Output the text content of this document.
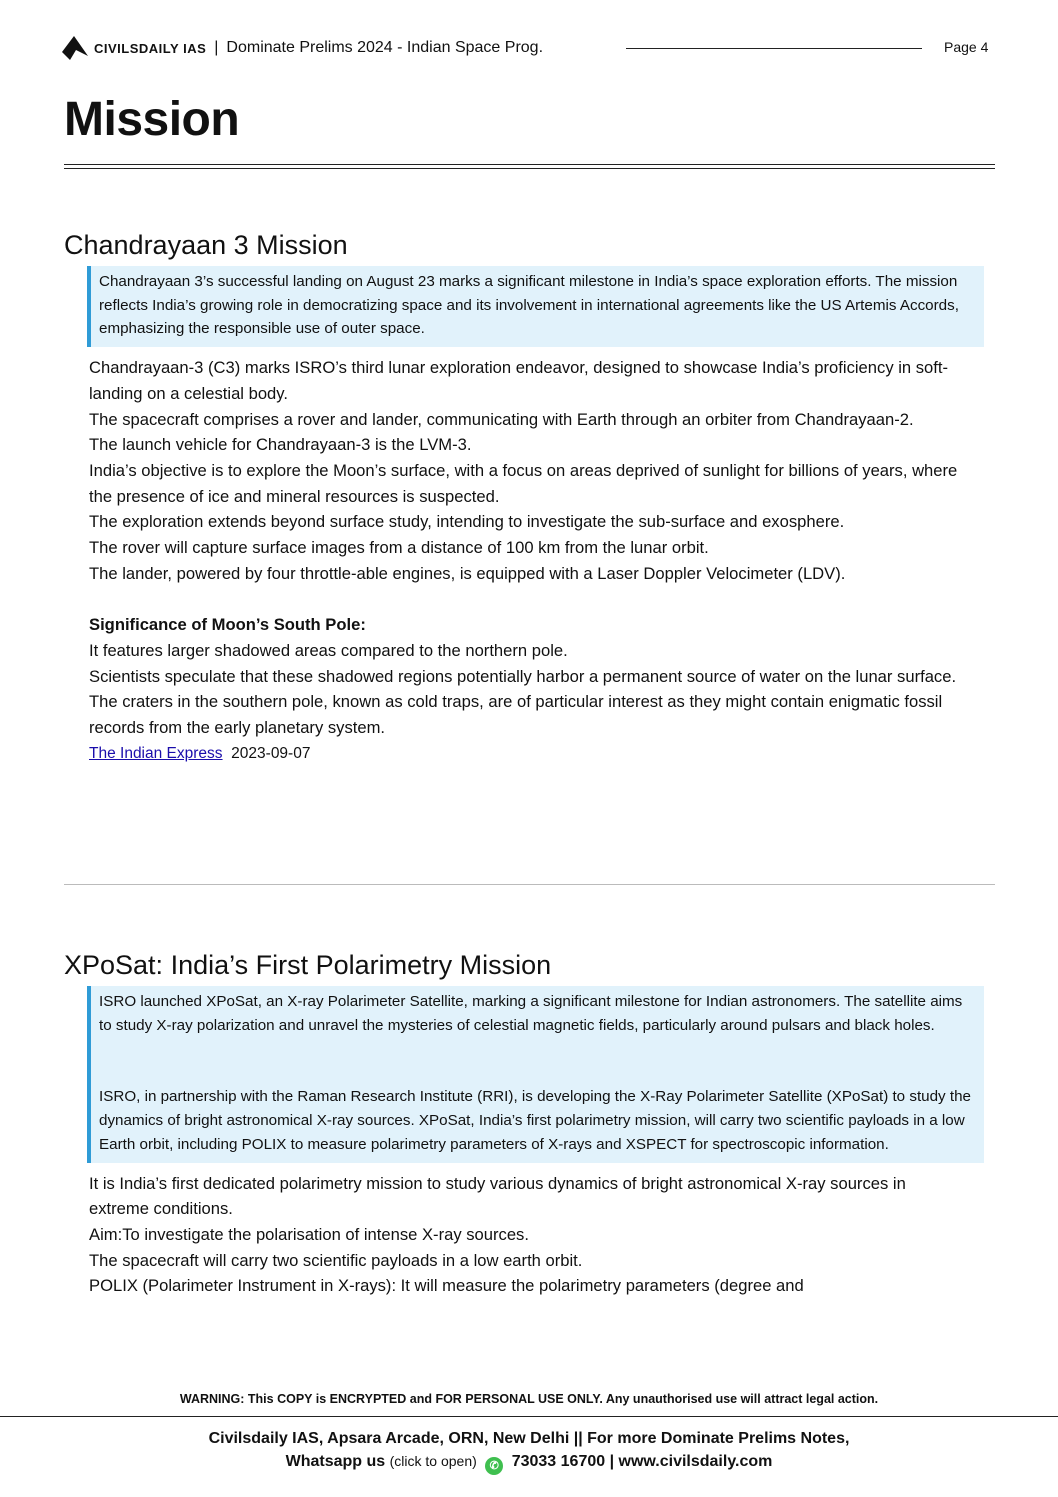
CIVILSDAILY IAS | Dominate Prelims 2024 - Indian Space Prog.	Page 4
Mission
Chandrayaan 3 Mission

Chandrayaan 3’s successful landing on August 23 marks a significant milestone in India’s space exploration efforts. The mission reflects India’s growing role in democratizing space and its involvement in international agreements like the US Artemis Accords, emphasizing the responsible use of outer space.

Chandrayaan-3 (C3) marks ISRO’s third lunar exploration endeavor, designed to showcase India’s proficiency in soft-landing on a celestial body.

The spacecraft comprises a rover and lander, communicating with Earth through an orbiter from Chandrayaan-2.

The launch vehicle for Chandrayaan-3 is the LVM-3.

India’s objective is to explore the Moon’s surface, with a focus on areas deprived of sunlight for billions of years, where the presence of ice and mineral resources is suspected.

The exploration extends beyond surface study, intending to investigate the sub-surface and exosphere.

The rover will capture surface images from a distance of 100 km from the lunar orbit.

The lander, powered by four throttle-able engines, is equipped with a Laser Doppler Velocimeter (LDV).

Significance of Moon’s South Pole:

It features larger shadowed areas compared to the northern pole.

Scientists speculate that these shadowed regions potentially harbor a permanent source of water on the lunar surface.

The craters in the southern pole, known as cold traps, are of particular interest as they might contain enigmatic fossil records from the early planetary system.

The Indian Express 2023-09-07

XPoSat: India’s First Polarimetry Mission

ISRO launched XPoSat, an X-ray Polarimeter Satellite, marking a significant milestone for Indian astronomers. The satellite aims to study X-ray polarization and unravel the mysteries of celestial magnetic fields, particularly around pulsars and black holes.

ISRO, in partnership with the Raman Research Institute (RRI), is developing the X-Ray Polarimeter Satellite (XPoSat) to study the dynamics of bright astronomical X-ray sources. XPoSat, India’s first polarimetry mission, will carry two scientific payloads in a low Earth orbit, including POLIX to measure polarimetry parameters of X-rays and XSPECT for spectroscopic information.

It is India’s first dedicated polarimetry mission to study various dynamics of bright astronomical X-ray sources in extreme conditions.

Aim:To investigate the polarisation of intense X-ray sources.

The spacecraft will carry two scientific payloads in a low earth orbit.

POLIX (Polarimeter Instrument in X-rays): It will measure the polarimetry parameters (degree and

WARNING: This COPY is ENCRYPTED and FOR PERSONAL USE ONLY. Any unauthorised use will attract legal action.
Civilsdaily IAS, Apsara Arcade, ORN, New Delhi || For more Dominate Prelims Notes,
Whatsapp us (click to open) ✆ 73033 16700 | www.civilsdaily.com
